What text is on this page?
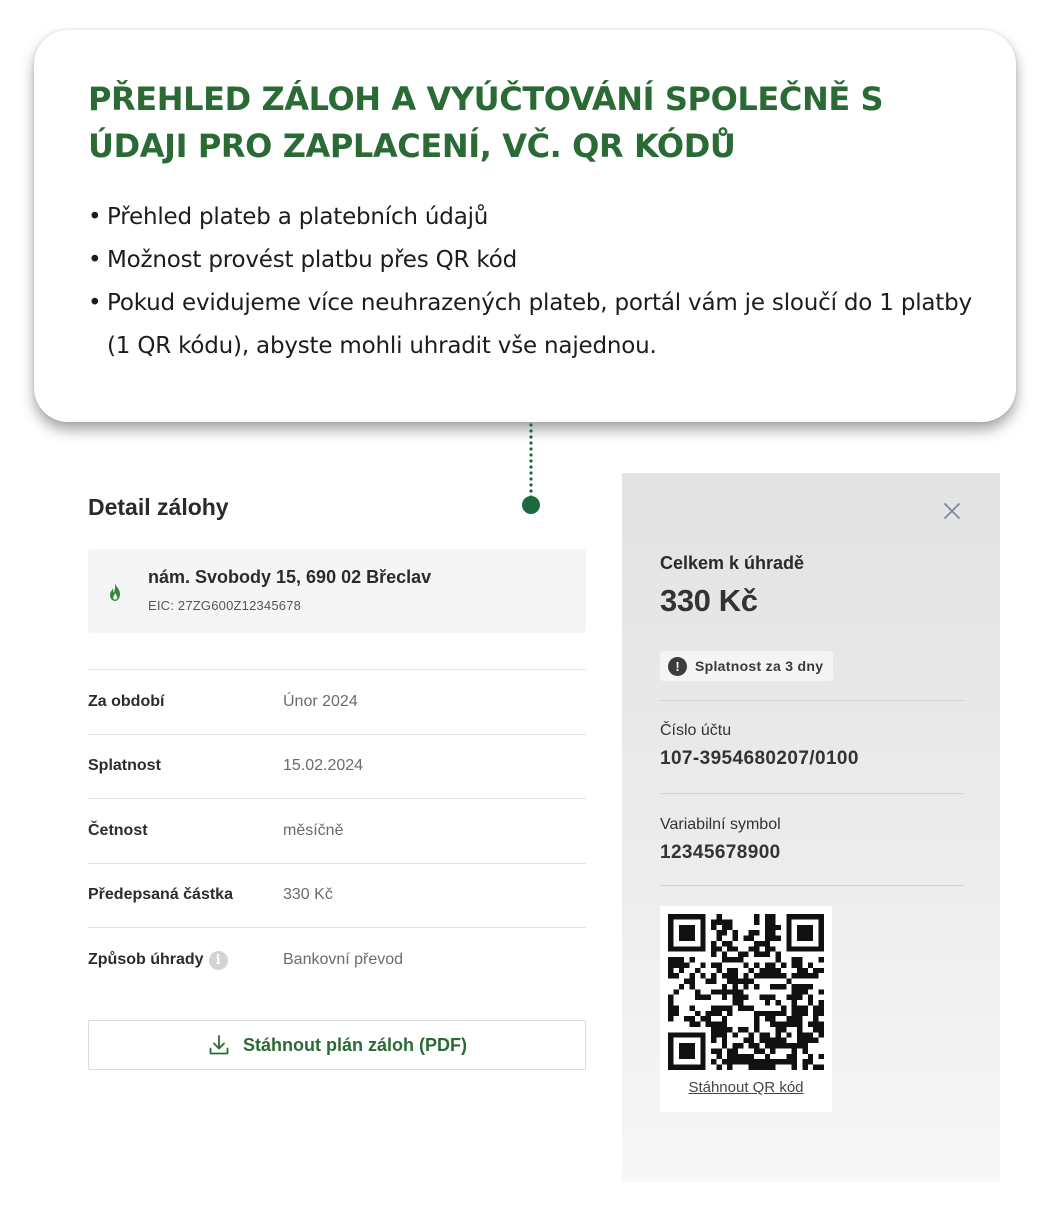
PŘEHLED ZÁLOH A VYÚČTOVÁNÍ SPOLEČNĚ S ÚDAJI PRO ZAPLACENÍ, VČ. QR KÓDŮ
• Přehled plateb a platebních údajů
• Možnost provést platbu přes QR kód
• Pokud evidujeme více neuhrazených plateb, portál vám je sloučí do 1 platby (1 QR kódu), abyste mohli uhradit vše najednou.
Detail zálohy
nám. Svobody 15, 690 02 Břeclav
EIC: 27ZG600Z12345678
Za období	Únor 2024
Splatnost	15.02.2024
Četnost	měsíčně
Předepsaná částka	330 Kč
Způsob úhrady i	Bankovní převod
Stáhnout plán záloh (PDF)
Celkem k úhradě
330 Kč
!	Splatnost za 3 dny
Číslo účtu
107-3954680207/0100
Variabilní symbol
12345678900
Stáhnout QR kód
